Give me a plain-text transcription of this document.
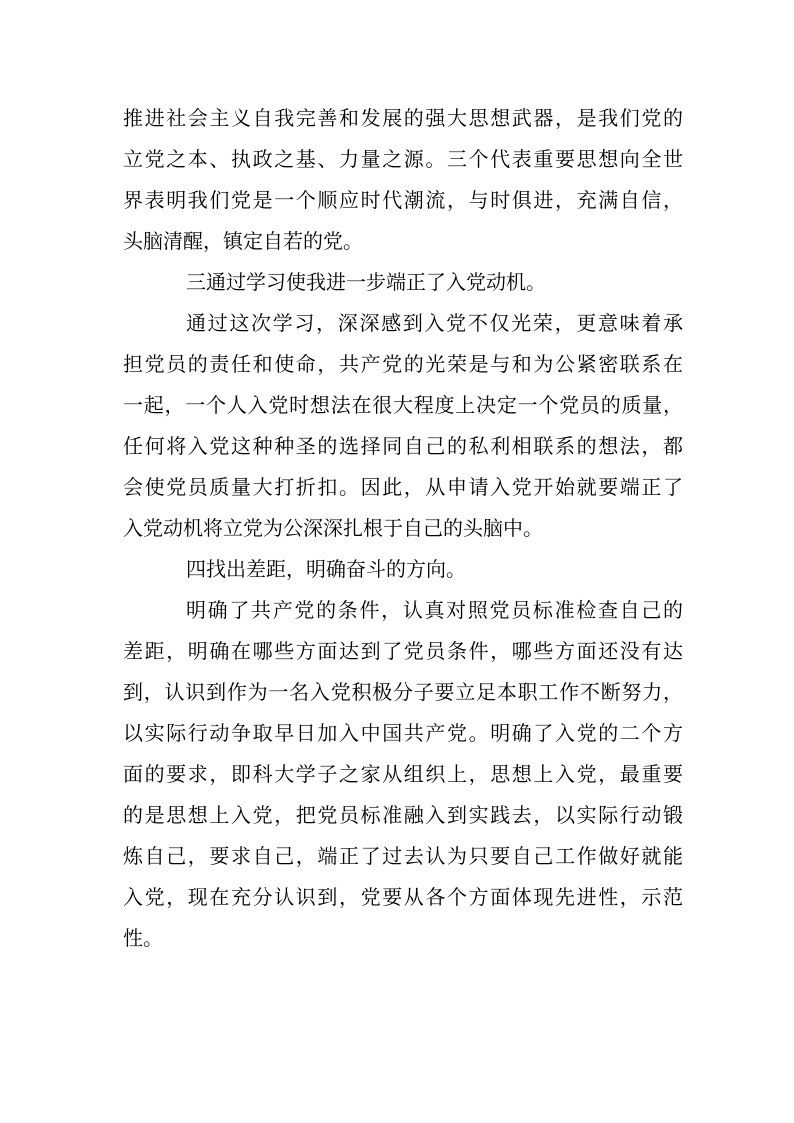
推进社会主义自我完善和发展的强大思想武器，是我们党的
立党之本、执政之基、力量之源。三个代表重要思想向全世
界表明我们党是一个顺应时代潮流，与时俱进，充满自信，
头脑清醒，镇定自若的党。
三通过学习使我进一步端正了入党动机。
通过这次学习，深深感到入党不仅光荣，更意味着承
担党员的责任和使命，共产党的光荣是与和为公紧密联系在
一起，一个人入党时想法在很大程度上决定一个党员的质量，
任何将入党这种种圣的选择同自己的私利相联系的想法，都
会使党员质量大打折扣。因此，从申请入党开始就要端正了
入党动机将立党为公深深扎根于自己的头脑中。
四找出差距，明确奋斗的方向。
明确了共产党的条件，认真对照党员标准检查自己的
差距，明确在哪些方面达到了党员条件，哪些方面还没有达
到，认识到作为一名入党积极分子要立足本职工作不断努力，
以实际行动争取早日加入中国共产党。明确了入党的二个方
面的要求，即科大学子之家从组织上，思想上入党，最重要
的是思想上入党，把党员标准融入到实践去，以实际行动锻
炼自己，要求自己，端正了过去认为只要自己工作做好就能
入党，现在充分认识到，党要从各个方面体现先进性，示范
性。
